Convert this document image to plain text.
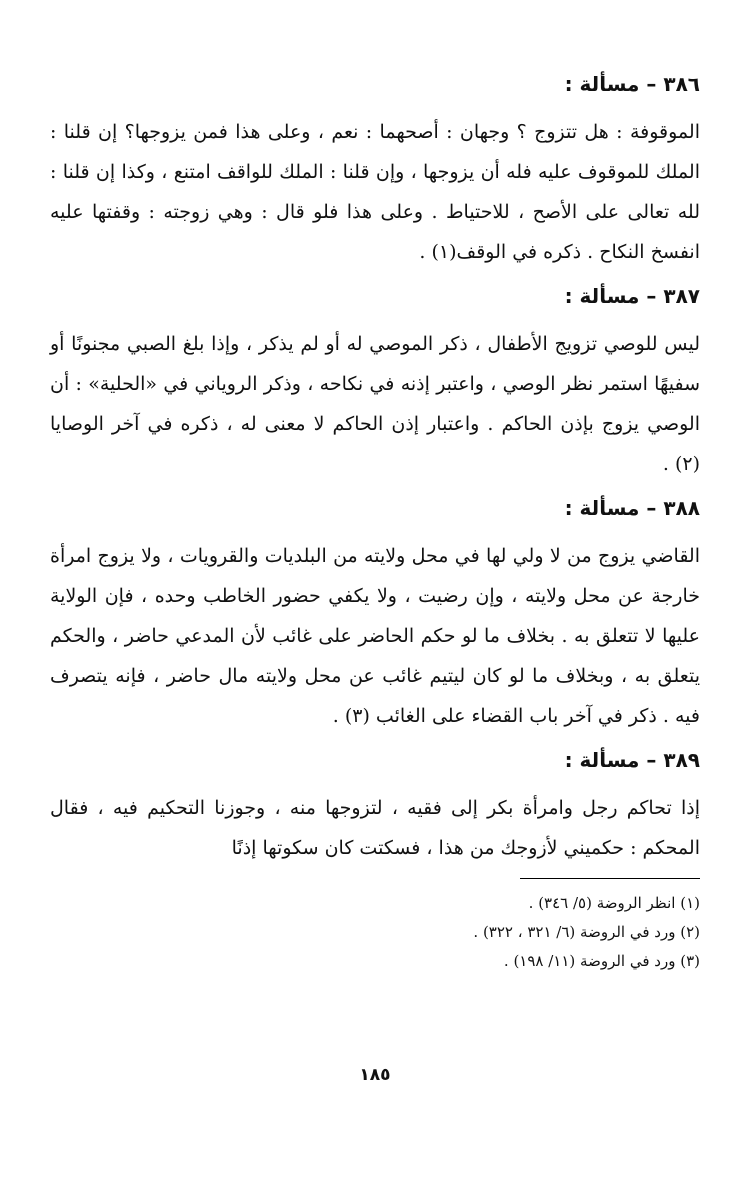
٣٨٦ – مسألة :

الموقوفة : هل تتزوج ؟ وجهان : أصحهما : نعم ، وعلى هذا فمن يزوجها؟ إن قلنا : الملك للموقوف عليه فله أن يزوجها ، وإن قلنا : الملك للواقف امتنع ، وكذا إن قلنا : لله تعالى على الأصح ، للاحتياط . وعلى هذا فلو قال : وهي زوجته : وقفتها عليه انفسخ النكاح . ذكره في الوقف(١) .

٣٨٧ – مسألة :

ليس للوصي تزويج الأطفال ، ذكر الموصي له أو لم يذكر ، وإذا بلغ الصبي مجنونًا أو سفيهًا استمر نظر الوصي ، واعتبر إذنه في نكاحه ، وذكر الروياني في «الحلية» : أن الوصي يزوج بإذن الحاكم . واعتبار إذن الحاكم لا معنى له ، ذكره في آخر الوصايا (٢) .

٣٨٨ – مسألة :

القاضي يزوج من لا ولي لها في محل ولايته من البلديات والقرويات ، ولا يزوج امرأة خارجة عن محل ولايته ، وإن رضيت ، ولا يكفي حضور الخاطب وحده ، فإن الولاية عليها لا تتعلق به . بخلاف ما لو حكم الحاضر على غائب لأن المدعي حاضر ، والحكم يتعلق به ، وبخلاف ما لو كان ليتيم غائب عن محل ولايته مال حاضر ، فإنه يتصرف فيه . ذكر في آخر باب القضاء على الغائب (٣) .

٣٨٩ – مسألة :

إذا تحاكم رجل وامرأة بكر إلى فقيه ، لتزوجها منه ، وجوزنا التحكيم فيه ، فقال المحكم : حكميني لأزوجك من هذا ، فسكتت كان سكوتها إذنًا

(١) انظر الروضة (٥/ ٣٤٦) .
(٢) ورد في الروضة (٦/ ٣٢١ ، ٣٢٢) .
(٣) ورد في الروضة (١١/ ١٩٨) .
١٨٥
